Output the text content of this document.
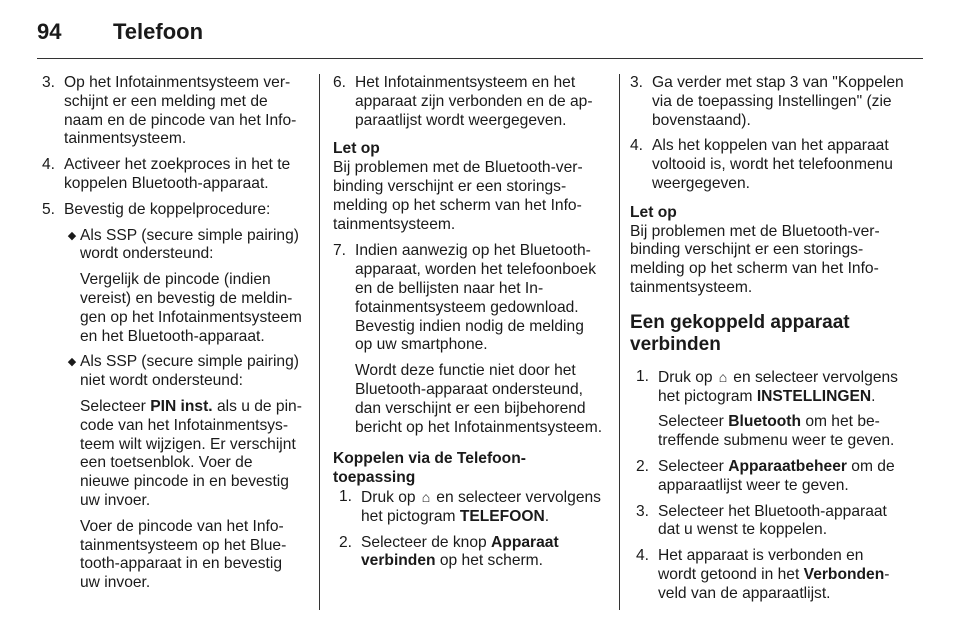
94	Telefoon
3. Op het Infotainmentsysteem verschijnt er een melding met de naam en de pincode van het Infotainmentsysteem.

4. Activeer het zoekproces in het te koppelen Bluetooth-apparaat.

5. Bevestig de koppelprocedure:

◆ Als SSP (secure simple pairing) wordt ondersteund:

Vergelijk de pincode (indien vereist) en bevestig de meldingen op het Infotainmentsysteem en het Bluetooth-apparaat.

◆ Als SSP (secure simple pairing) niet wordt ondersteund:

Selecteer PIN inst. als u de pincode van het Infotainmentsysteem wilt wijzigen. Er verschijnt een toetsenblok. Voer de nieuwe pincode in en bevestig uw invoer.

Voer de pincode van het Infotainmentsysteem op het Bluetooth-apparaat in en bevestig uw invoer.

6. Het Infotainmentsysteem en het apparaat zijn verbonden en de apparaatlijst wordt weergegeven.

Let op
Bij problemen met de Bluetooth-verbinding verschijnt er een storingsmelding op het scherm van het Infotainmentsysteem.
7. Indien aanwezig op het Bluetooth-apparaat, worden het telefoonboek en de bellijsten naar het Infotainmentsysteem gedownload. Bevestig indien nodig de melding op uw smartphone.

Wordt deze functie niet door het Bluetooth-apparaat ondersteund, dan verschijnt er een bijbehorend bericht op het Infotainmentsysteem.

Koppelen via de Telefoon-toepassing
1. Druk op ⌂ en selecteer vervolgens het pictogram TELEFOON.

2. Selecteer de knop Apparaat verbinden op het scherm.

3. Ga verder met stap 3 van "Koppelen via de toepassing Instellingen" (zie bovenstaand).

4. Als het koppelen van het apparaat voltooid is, wordt het telefoonmenu weergegeven.

Let op
Bij problemen met de Bluetooth-verbinding verschijnt er een storingsmelding op het scherm van het Infotainmentsysteem.
Een gekoppeld apparaat verbinden
1. Druk op ⌂ en selecteer vervolgens het pictogram INSTELLINGEN.

Selecteer Bluetooth om het betreffende submenu weer te geven.

2. Selecteer Apparaatbeheer om de apparaatlijst weer te geven.

3. Selecteer het Bluetooth-apparaat dat u wenst te koppelen.

4. Het apparaat is verbonden en wordt getoond in het Verbonden-veld van de apparaatlijst.
